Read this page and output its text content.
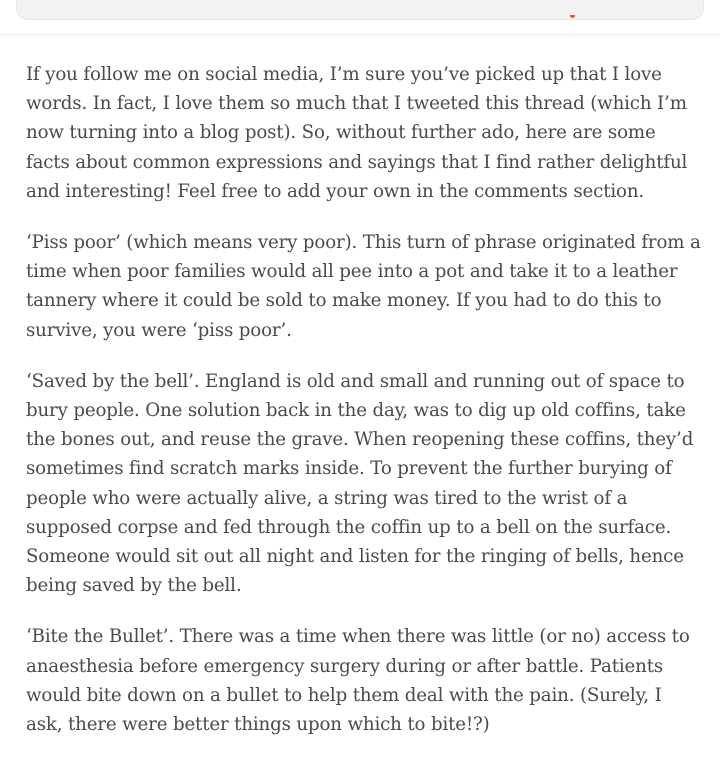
If you follow me on social media, I’m sure you’ve picked up that I love words. In fact, I love them so much that I tweeted this thread (which I’m now turning into a blog post). So, without further ado, here are some facts about common expressions and sayings that I find rather delightful and interesting! Feel free to add your own in the comments section.

‘Piss poor’ (which means very poor). This turn of phrase originated from a time when poor families would all pee into a pot and take it to a leather tannery where it could be sold to make money. If you had to do this to survive, you were ‘piss poor’.

‘Saved by the bell’. England is old and small and running out of space to bury people. One solution back in the day, was to dig up old coffins, take the bones out, and reuse the grave. When reopening these coffins, they’d sometimes find scratch marks inside. To prevent the further burying of people who were actually alive, a string was tired to the wrist of a supposed corpse and fed through the coffin up to a bell on the surface. Someone would sit out all night and listen for the ringing of bells, hence being saved by the bell.

‘Bite the Bullet’. There was a time when there was little (or no) access to anaesthesia before emergency surgery during or after battle. Patients would bite down on a bullet to help them deal with the pain. (Surely, I ask, there were better things upon which to bite!?)
